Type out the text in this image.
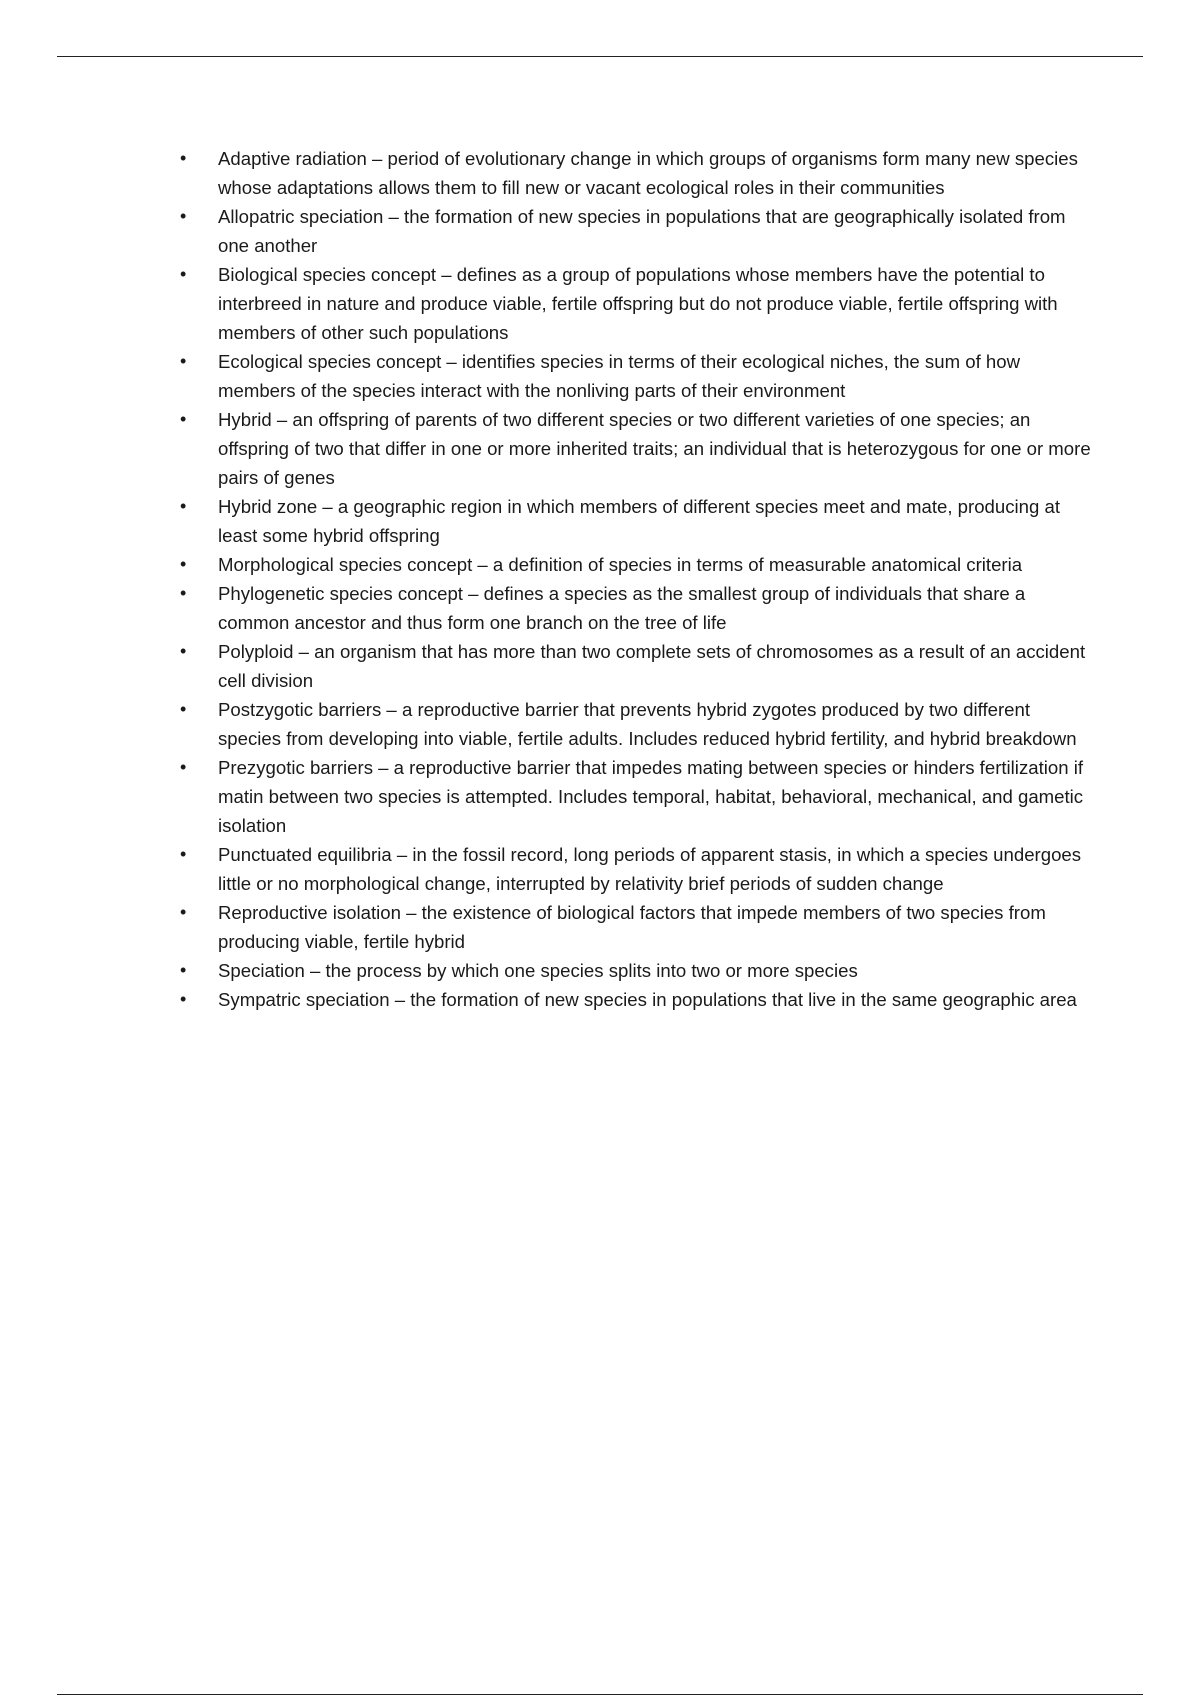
•	Adaptive radiation – period of evolutionary change in which groups of organisms form many new species whose adaptations allows them to fill new or vacant ecological roles in their communities
•	Allopatric speciation – the formation of new species in populations that are geographically isolated from one another
•	Biological species concept – defines as a group of populations whose members have the potential to interbreed in nature and produce viable, fertile offspring but do not produce viable, fertile offspring with members of other such populations
•	Ecological species concept – identifies species in terms of their ecological niches, the sum of how members of the species interact with the nonliving parts of their environment
•	Hybrid – an offspring of parents of two different species or two different varieties of one species; an offspring of two that differ in one or more inherited traits; an individual that is heterozygous for one or more pairs of genes
•	Hybrid zone – a geographic region in which members of different species meet and mate, producing at least some hybrid offspring
•	Morphological species concept – a definition of species in terms of measurable anatomical criteria
•	Phylogenetic species concept – defines a species as the smallest group of individuals that share a common ancestor and thus form one branch on the tree of life
•	Polyploid – an organism that has more than two complete sets of chromosomes as a result of an accident cell division
•	Postzygotic barriers – a reproductive barrier that prevents hybrid zygotes produced by two different species from developing into viable, fertile adults. Includes reduced hybrid fertility, and hybrid breakdown
•	Prezygotic barriers – a reproductive barrier that impedes mating between species or hinders fertilization if matin between two species is attempted. Includes temporal, habitat, behavioral, mechanical, and gametic isolation
•	Punctuated equilibria – in the fossil record, long periods of apparent stasis, in which a species undergoes little or no morphological change, interrupted by relativity brief periods of sudden change
•	Reproductive isolation – the existence of biological factors that impede members of two species from producing viable, fertile hybrid
•	Speciation – the process by which one species splits into two or more species
•	Sympatric speciation – the formation of new species in populations that live in the same geographic area
